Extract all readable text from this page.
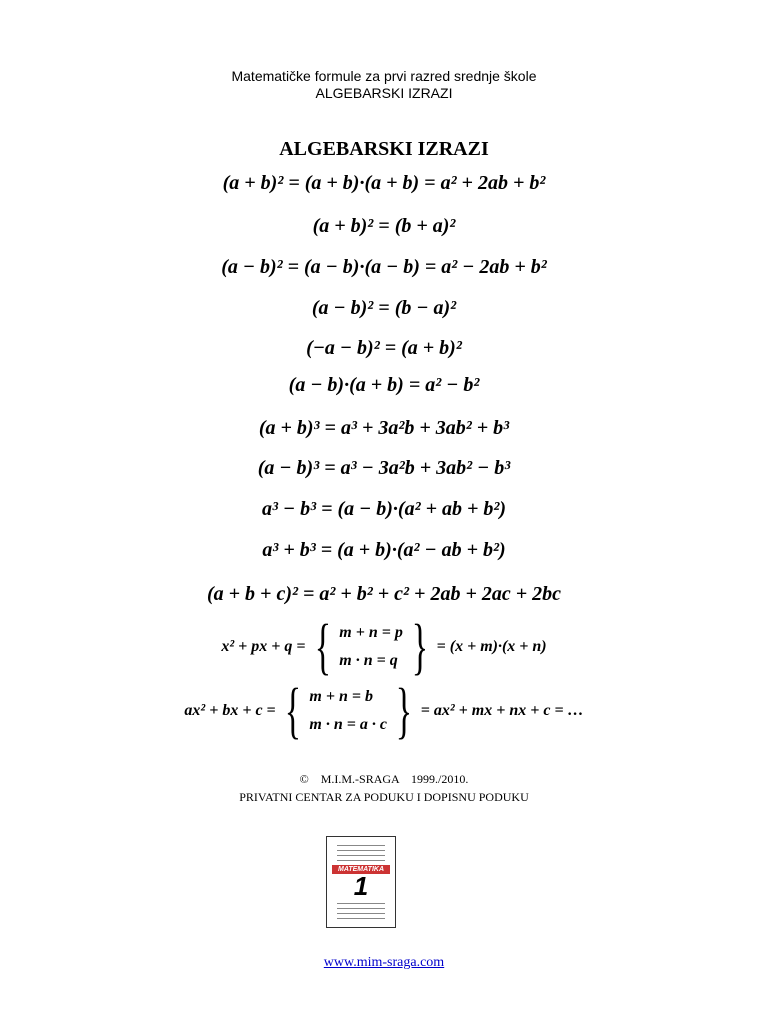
Matematičke formule za prvi razred srednje škole
ALGEBARSKI IZRAZI
ALGEBARSKI IZRAZI
(a + b)² = (a + b)·(a + b) = a² + 2ab + b²
(a + b)² = (b + a)²
(a − b)² = (a − b)·(a − b) = a² − 2ab + b²
(a − b)² = (b − a)²
(−a − b)² = (a + b)²
(a − b)·(a + b) = a² − b²
(a + b)³ = a³ + 3a²b + 3ab² + b³
(a − b)³ = a³ − 3a²b + 3ab² − b³
a³ − b³ = (a − b)·(a² + ab + b²)
a³ + b³ = (a + b)·(a² − ab + b²)
(a + b + c)² = a² + b² + c² + 2ab + 2ac + 2bc
x² + px + q = { m + n = p
m · n = q } = (x + m)·(x + n)
ax² + bx + c = { m + n = b
m · n = a · c } = ax² + mx + nx + c = …
©    M.I.M.-SRAGA    1999./2010.
PRIVATNI CENTAR ZA PODUKU I DOPISNU PODUKU
MATEMATIKA
1
www.mim-sraga.com
